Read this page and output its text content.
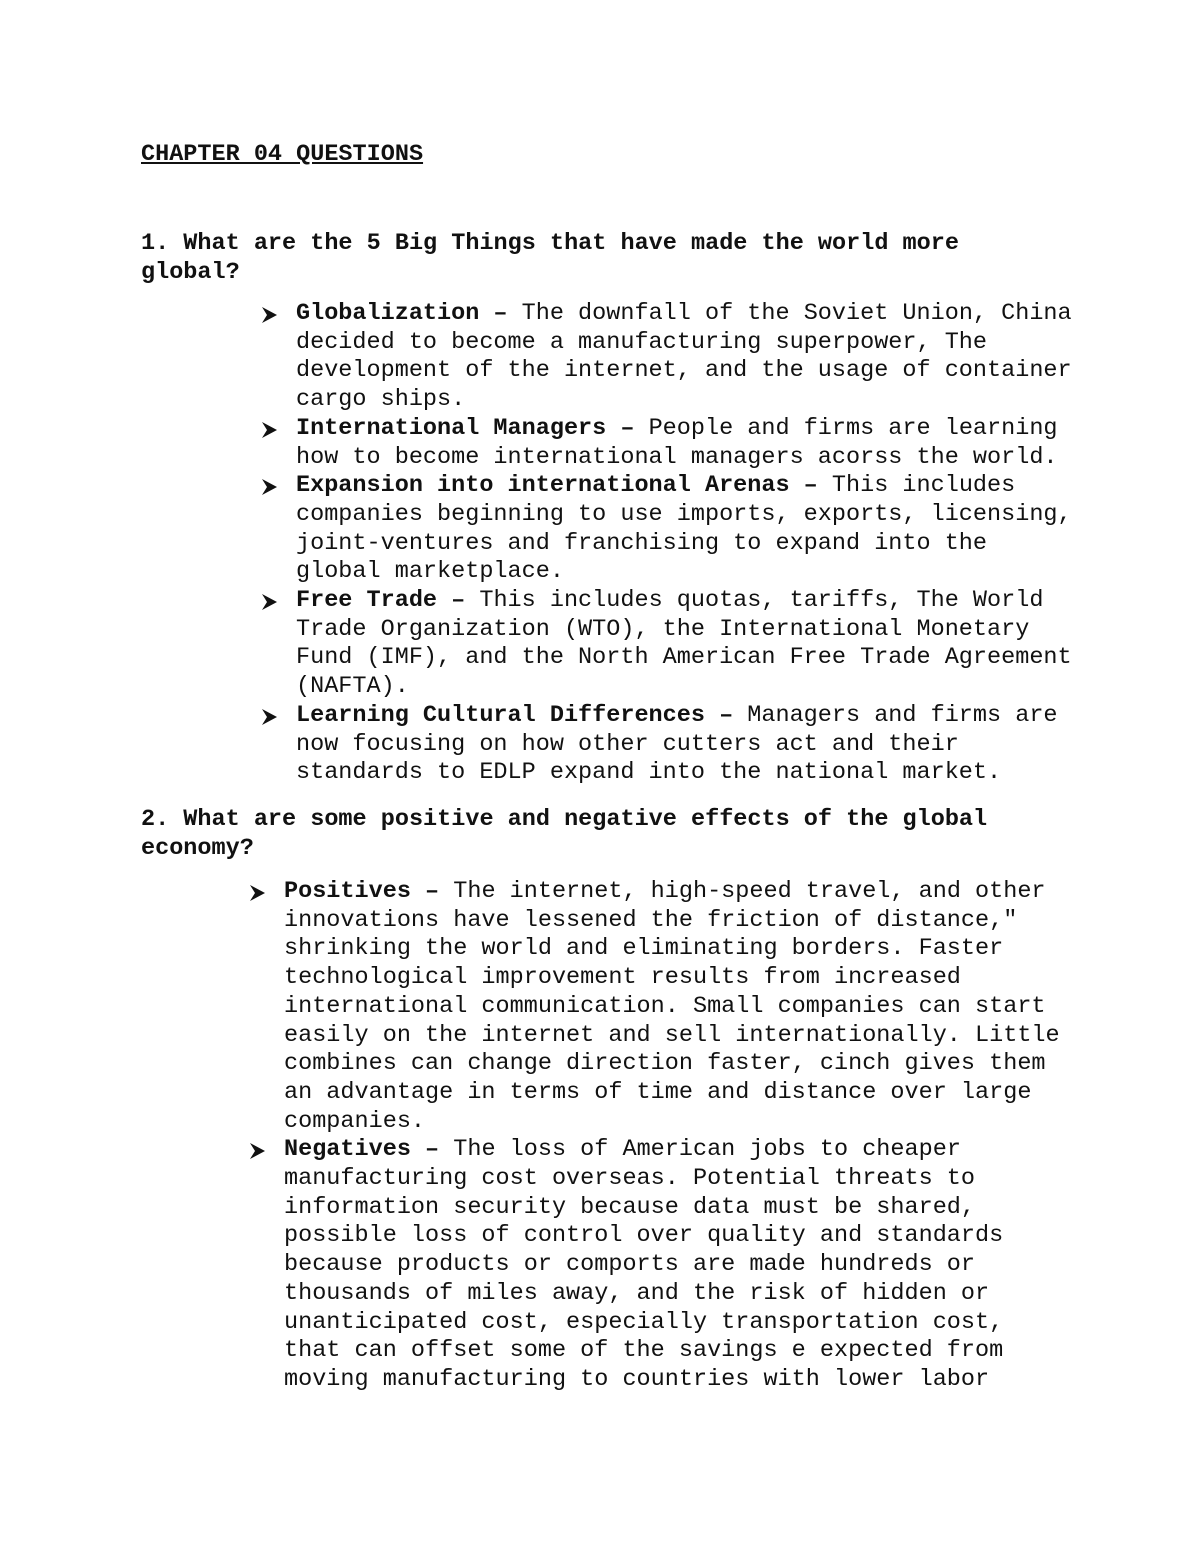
CHAPTER 04 QUESTIONS
1. What are the 5 Big Things that have made the world more global?
Globalization – The downfall of the Soviet Union, China decided to become a manufacturing superpower, The development of the internet, and the usage of container cargo ships.
International Managers – People and firms are learning how to become international managers acorss the world.
Expansion into international Arenas – This includes companies beginning to use imports, exports, licensing, joint-ventures and franchising to expand into the global marketplace.
Free Trade – This includes quotas, tariffs, The World Trade Organization (WTO), the International Monetary Fund (IMF), and the North American Free Trade Agreement (NAFTA).
Learning Cultural Differences – Managers and firms are now focusing on how other cutters act and their standards to EDLP expand into the national market.
2. What are some positive and negative effects of the global economy?
Positives – The internet, high-speed travel, and other innovations have lessened the friction of distance," shrinking the world and eliminating borders. Faster technological improvement results from increased international communication. Small companies can start easily on the internet and sell internationally. Little combines can change direction faster, cinch gives them an advantage in terms of time and distance over large companies.
Negatives – The loss of American jobs to cheaper manufacturing cost overseas. Potential threats to information security because data must be shared, possible loss of control over quality and standards because products or comports are made hundreds or thousands of miles away, and the risk of hidden or unanticipated cost, especially transportation cost, that can offset some of the savings e expected from moving manufacturing to countries with lower labor
